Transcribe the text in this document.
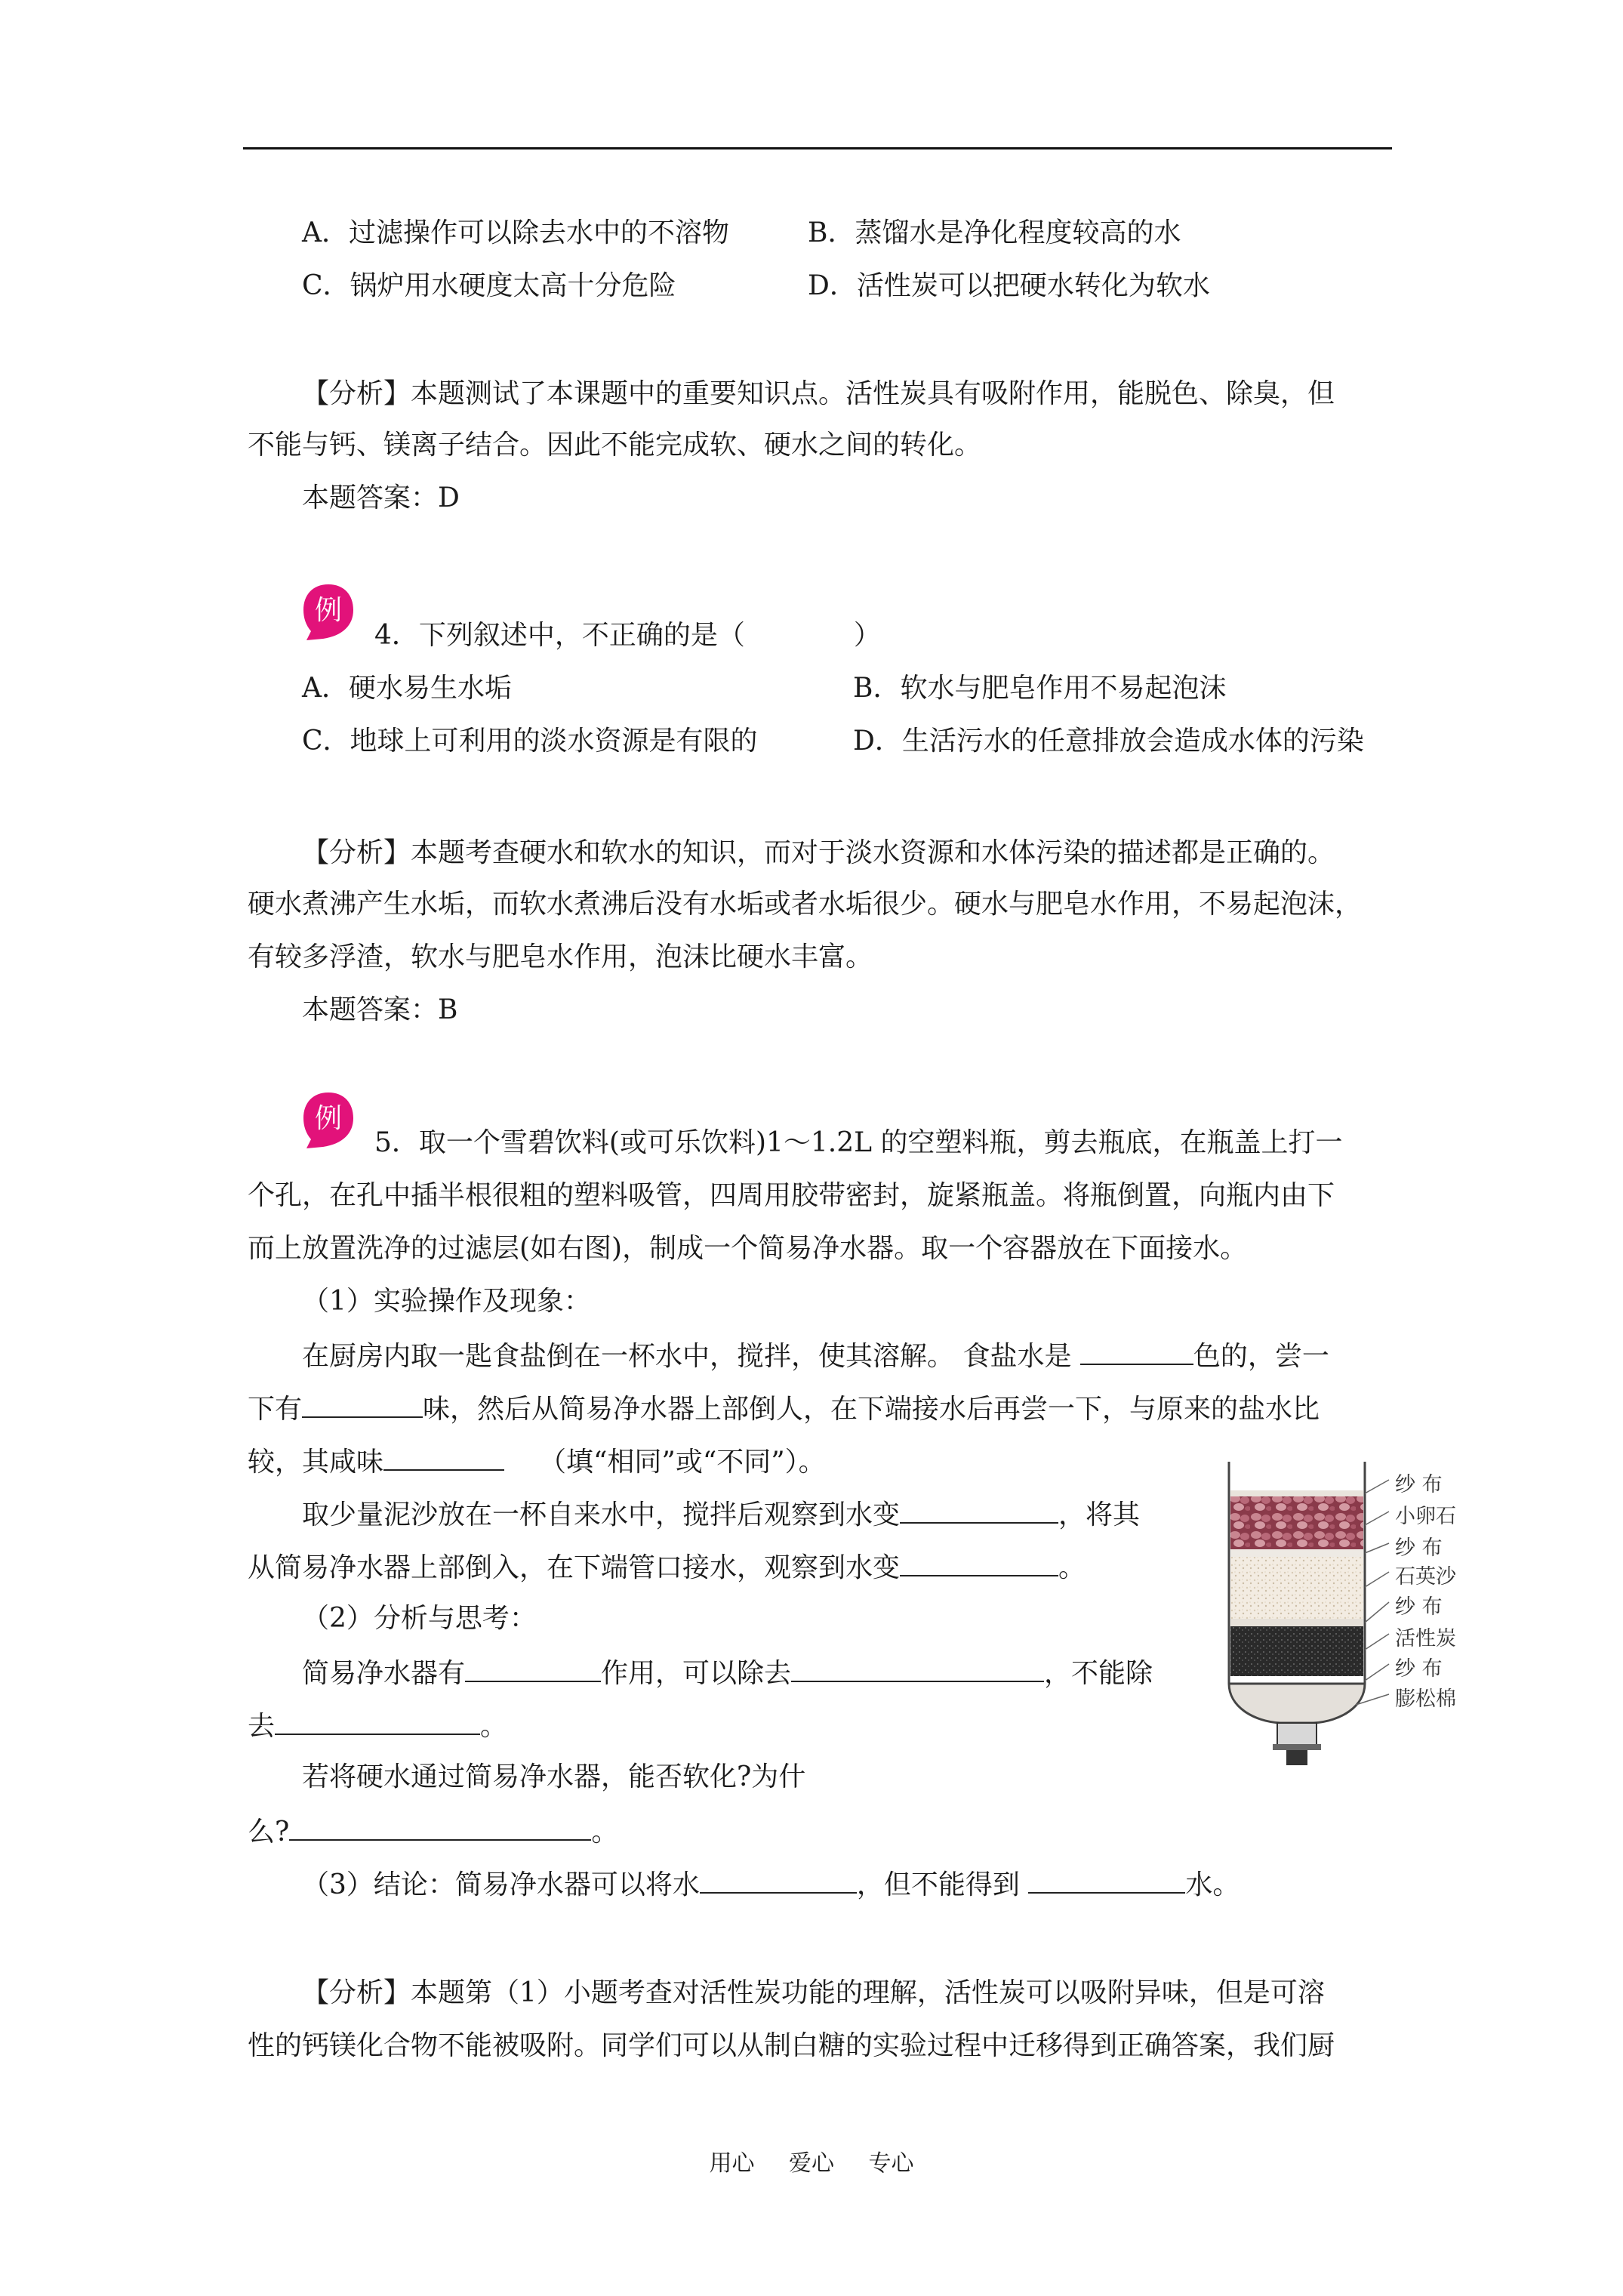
A．过滤操作可以除去水中的不溶物	B．蒸馏水是净化程度较高的水
C．锅炉用水硬度太高十分危险	D．活性炭可以把硬水转化为软水
【分析】本题测试了本课题中的重要知识点。活性炭具有吸附作用，能脱色、除臭，但
不能与钙、镁离子结合。因此不能完成软、硬水之间的转化。
本题答案：D
例
4．下列叙述中，不正确的是（　　　　）
A．硬水易生水垢	B．软水与肥皂作用不易起泡沫
C．地球上可利用的淡水资源是有限的	D．生活污水的任意排放会造成水体的污染
【分析】本题考查硬水和软水的知识，而对于淡水资源和水体污染的描述都是正确的。
硬水煮沸产生水垢，而软水煮沸后没有水垢或者水垢很少。硬水与肥皂水作用，不易起泡沫，
有较多浮渣，软水与肥皂水作用，泡沫比硬水丰富。
本题答案：B
例
5．取一个雪碧饮料(或可乐饮料)1～1.2L 的空塑料瓶，剪去瓶底，在瓶盖上打一
个孔，在孔中插半根很粗的塑料吸管，四周用胶带密封，旋紧瓶盖。将瓶倒置，向瓶内由下
而上放置洗净的过滤层(如右图)，制成一个简易净水器。取一个容器放在下面接水。
（1）实验操作及现象：
在厨房内取一匙食盐倒在一杯水中，搅拌，使其溶解。 食盐水是	色的，尝一
下有	味，然后从简易净水器上部倒人，在下端接水后再尝一下，与原来的盐水比
较，其咸味	（填“相同”或“不同”）。
取少量泥沙放在一杯自来水中，搅拌后观察到水变	，将其
从简易净水器上部倒入，在下端管口接水，观察到水变	。
（2）分析与思考：
简易净水器有	作用，可以除去	，不能除
去	。
若将硬水通过简易净水器，能否软化?为什
么?	。
（3）结论：简易净水器可以将水	，但不能得到	水。
【分析】本题第（1）小题考查对活性炭功能的理解，活性炭可以吸附异味，但是可溶
性的钙镁化合物不能被吸附。同学们可以从制白糖的实验过程中迁移得到正确答案，我们厨
纱 布
小卵石
纱 布
石英沙
纱 布
活性炭
纱 布
膨松棉
用心 爱心 专心
